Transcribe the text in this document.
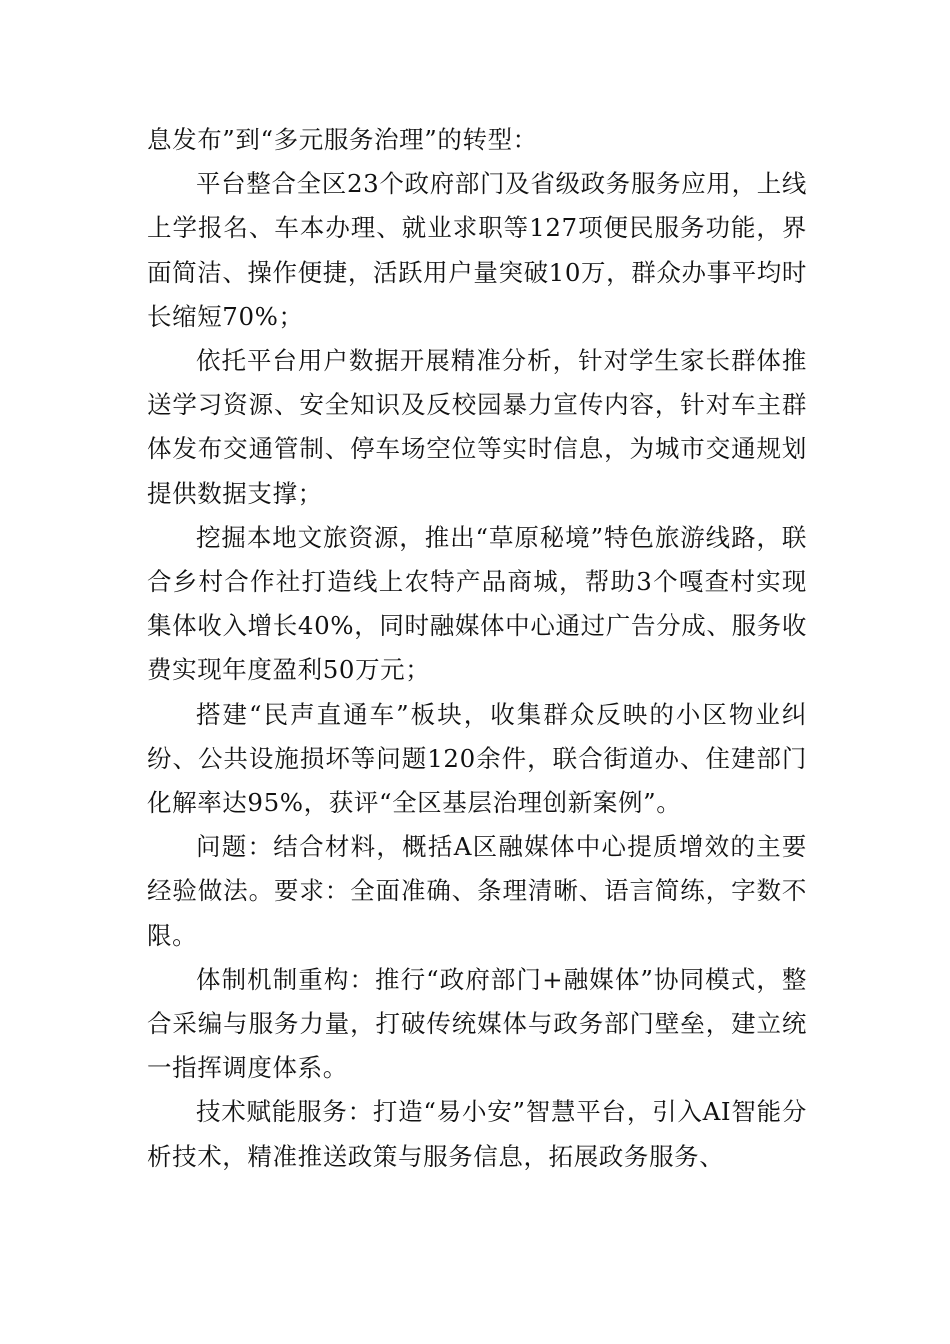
息发布”到“多元服务治理”的转型：

平台整合全区23个政府部门及省级政务服务应用，上线上学报名、车本办理、就业求职等127项便民服务功能，界面简洁、操作便捷，活跃用户量突破10万，群众办事平均时长缩短70%；

依托平台用户数据开展精准分析，针对学生家长群体推送学习资源、安全知识及反校园暴力宣传内容，针对车主群体发布交通管制、停车场空位等实时信息，为城市交通规划提供数据支撑；

挖掘本地文旅资源，推出“草原秘境”特色旅游线路，联合乡村合作社打造线上农特产品商城，帮助3个嘎查村实现集体收入增长40%，同时融媒体中心通过广告分成、服务收费实现年度盈利50万元；

搭建“民声直通车”板块，收集群众反映的小区物业纠纷、公共设施损坏等问题120余件，联合街道办、住建部门化解率达95%，获评“全区基层治理创新案例”。

问题：结合材料，概括A区融媒体中心提质增效的主要经验做法。要求：全面准确、条理清晰、语言简练，字数不限。

体制机制重构：推行“政府部门+融媒体”协同模式，整合采编与服务力量，打破传统媒体与政务部门壁垒，建立统一指挥调度体系。

技术赋能服务：打造“易小安”智慧平台，引入AI智能分析技术，精准推送政策与服务信息，拓展政务服务、
